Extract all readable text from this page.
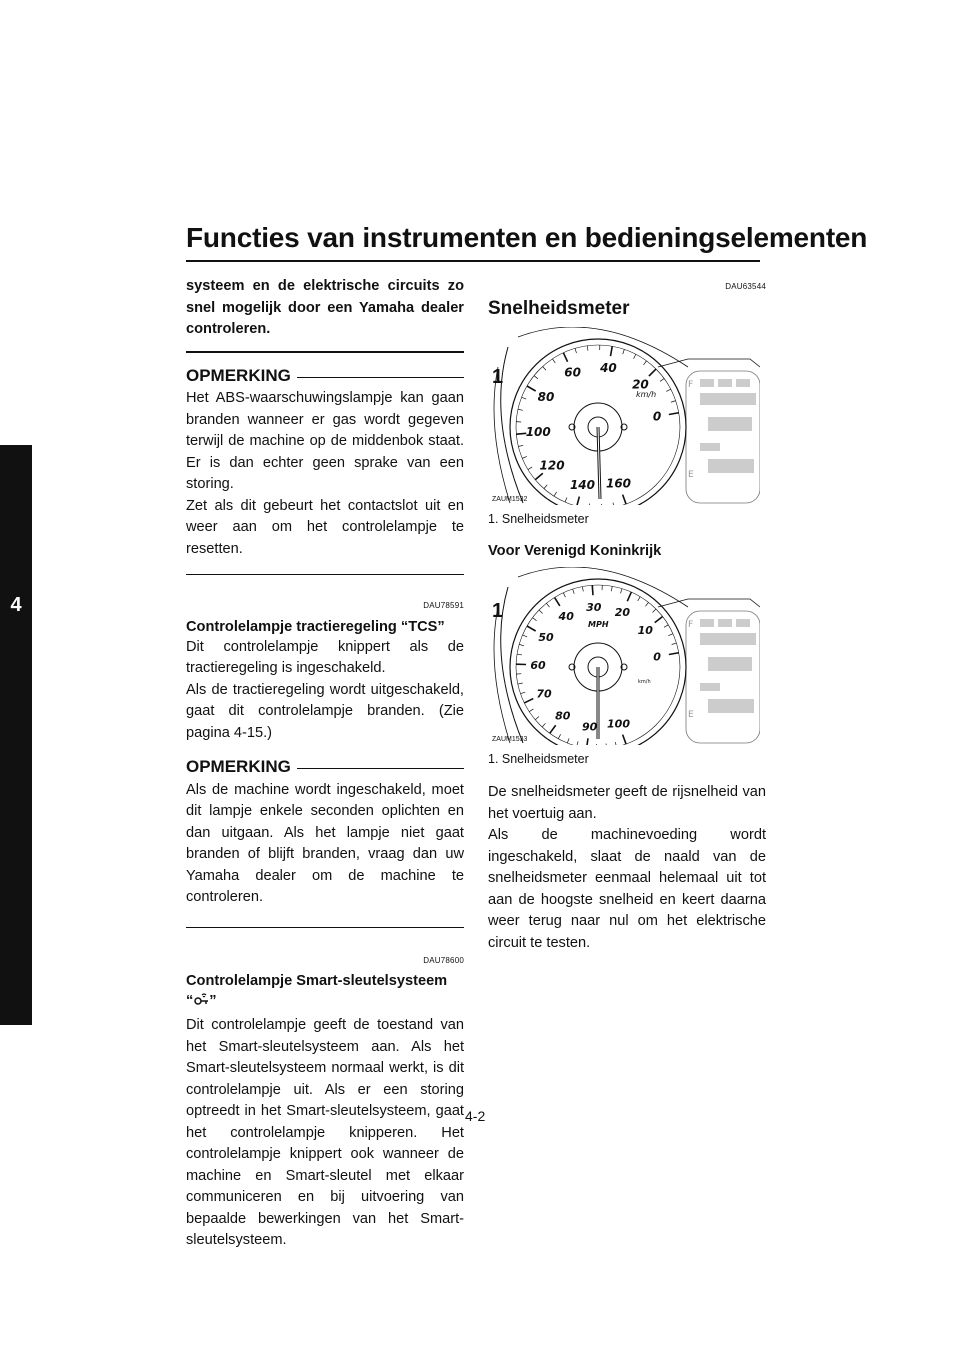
Functies van instrumenten en bedieningselementen
4

systeem en de elektrische circuits zo snel mogelijk door een Yamaha dealer controleren.

OPMERKING

Het ABS-waarschuwingslampje kan gaan branden wanneer er gas wordt gegeven terwijl de machine op de middenbok staat. Er is dan echter geen sprake van een storing.

Zet als dit gebeurt het contactslot uit en weer aan om het controlelampje te resetten.

DAU78591
Controlelampje tractieregeling “TCS”

Dit controlelampje knippert als de tractieregeling is ingeschakeld.

Als de tractieregeling wordt uitgeschakeld, gaat dit controlelampje branden. (Zie pagina 4-15.)

OPMERKING

Als de machine wordt ingeschakeld, moet dit lampje enkele seconden oplichten en dan uitgaan. Als het lampje niet gaat branden of blijft branden, vraag dan uw Yamaha dealer om de machine te controleren.

DAU78600
Controlelampje Smart-sleutelsysteem
“ ”

Dit controlelampje geeft de toestand van het Smart-sleutelsysteem aan. Als het Smart-sleutelsysteem normaal werkt, is dit controlelampje uit. Als er een storing optreedt in het Smart-sleutelsysteem, gaat het controlelampje knipperen. Het controlelampje knippert ook wanneer de machine en Smart-sleutel met elkaar communiceren en bij uitvoering van bepaalde bewerkingen van het Smart-sleutelsysteem.

DAU63544
Snelheidsmeter
0
20
40
60
80
100
120
140 160
km/h
F
E
1
ZAUM1532
1. Snelheidsmeter
Voor Verenigd Koninkrijk
0
10
20
30
40
50
60
70
80
90 100
MPH
km/h
F
E
1
ZAUM1533
1. Snelheidsmeter

De snelheidsmeter geeft de rijsnelheid van het voertuig aan.

Als de machinevoeding wordt ingeschakeld, slaat de naald van de snelheidsmeter eenmaal helemaal uit tot aan de hoogste snelheid en keert daarna weer terug naar nul om het elektrische circuit te testen.

4-2
